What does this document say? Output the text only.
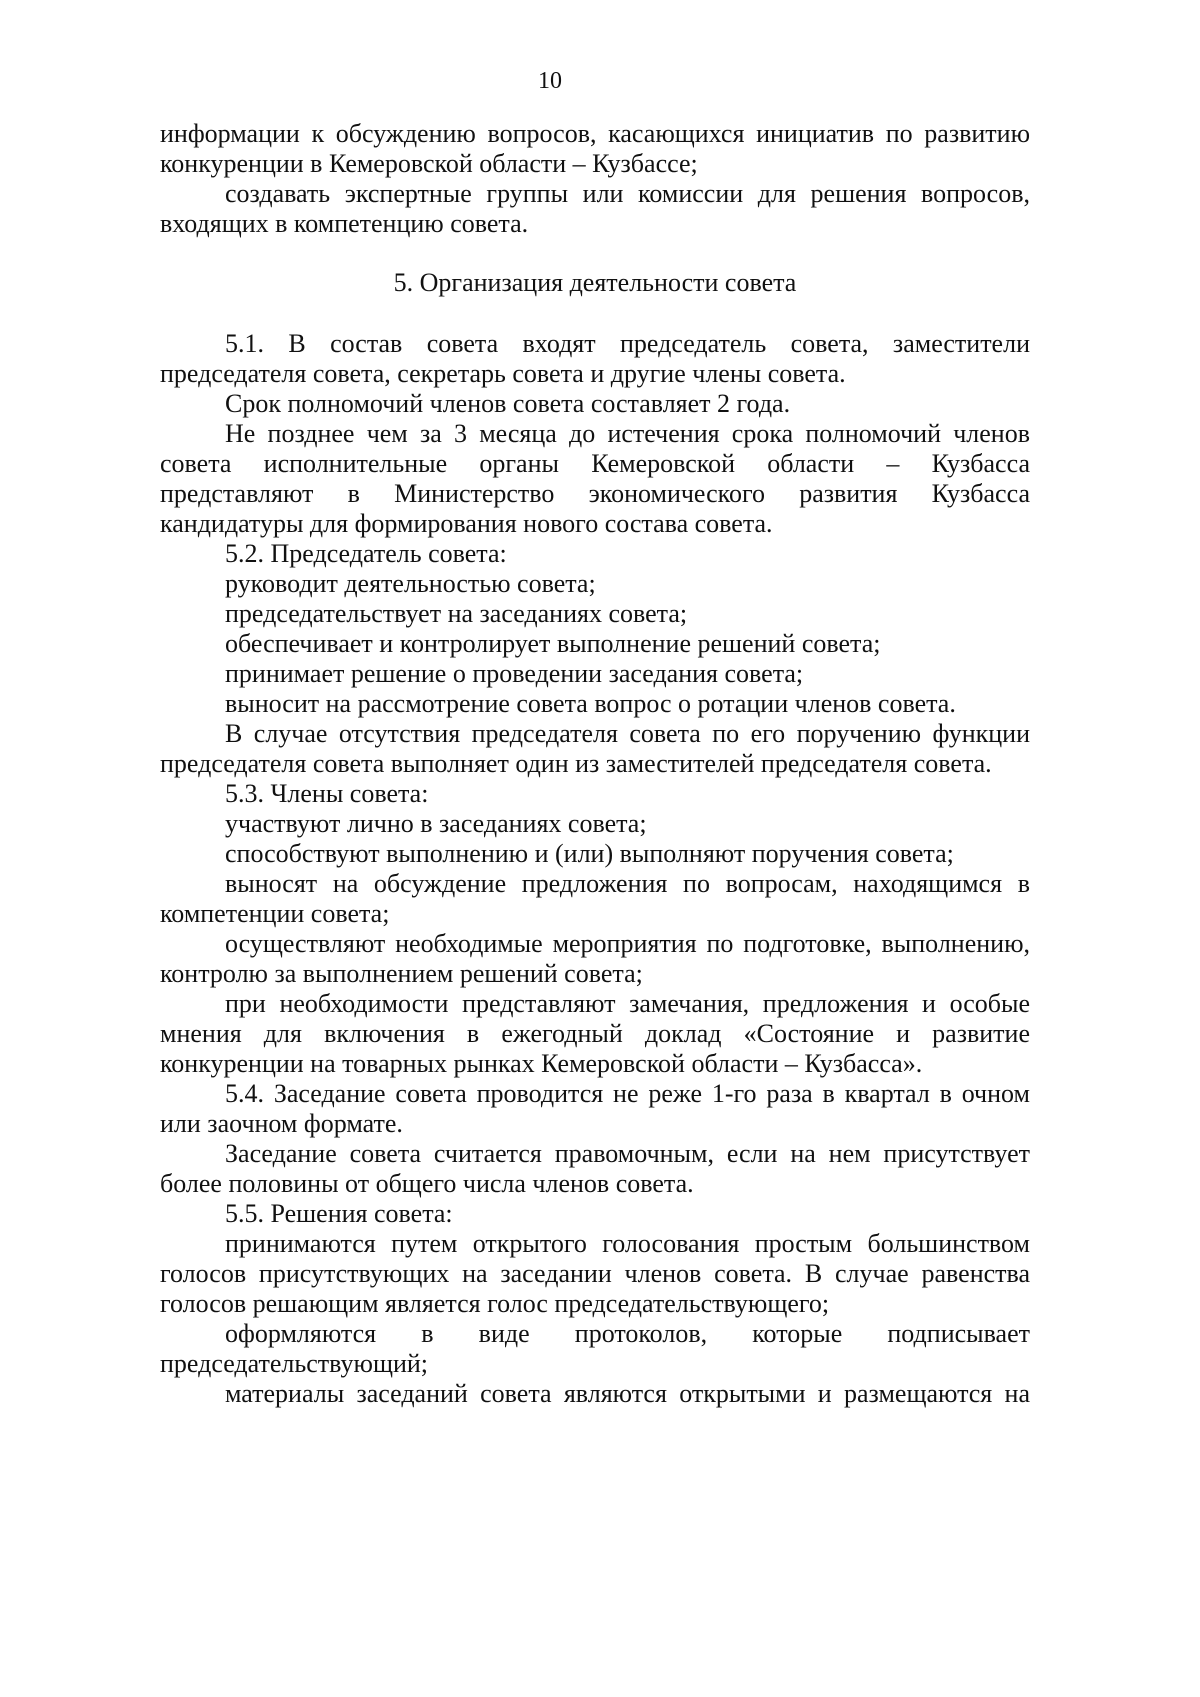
10
информации к обсуждению вопросов, касающихся инициатив по развитию
конкуренции в Кемеровской области – Кузбассе;
создавать экспертные группы или комиссии для решения вопросов,
входящих в компетенцию совета.
5. Организация деятельности совета
5.1. В состав совета входят председатель совета, заместители
председателя совета, секретарь совета и другие члены совета.
Срок полномочий членов совета составляет 2 года.
Не позднее чем за 3 месяца до истечения срока полномочий членов
совета исполнительные органы Кемеровской области – Кузбасса
представляют в Министерство экономического развития Кузбасса
кандидатуры для формирования нового состава совета.
5.2. Председатель совета:
руководит деятельностью совета;
председательствует на заседаниях совета;
обеспечивает и контролирует выполнение решений совета;
принимает решение о проведении заседания совета;
выносит на рассмотрение совета вопрос о ротации членов совета.
В случае отсутствия председателя совета по его поручению функции
председателя совета выполняет один из заместителей председателя совета.
5.3. Члены совета:
участвуют лично в заседаниях совета;
способствуют выполнению и (или) выполняют поручения совета;
выносят на обсуждение предложения по вопросам, находящимся в
компетенции совета;
осуществляют необходимые мероприятия по подготовке, выполнению,
контролю за выполнением решений совета;
при необходимости представляют замечания, предложения и особые
мнения для включения в ежегодный доклад «Состояние и развитие
конкуренции на товарных рынках Кемеровской области – Кузбасса».
5.4. Заседание совета проводится не реже 1-го раза в квартал в очном
или заочном формате.
Заседание совета считается правомочным, если на нем присутствует
более половины от общего числа членов совета.
5.5. Решения совета:
принимаются путем открытого голосования простым большинством
голосов присутствующих на заседании членов совета. В случае равенства
голосов решающим является голос председательствующего;
оформляются в виде протоколов, которые подписывает
председательствующий;
материалы заседаний совета являются открытыми и размещаются на
